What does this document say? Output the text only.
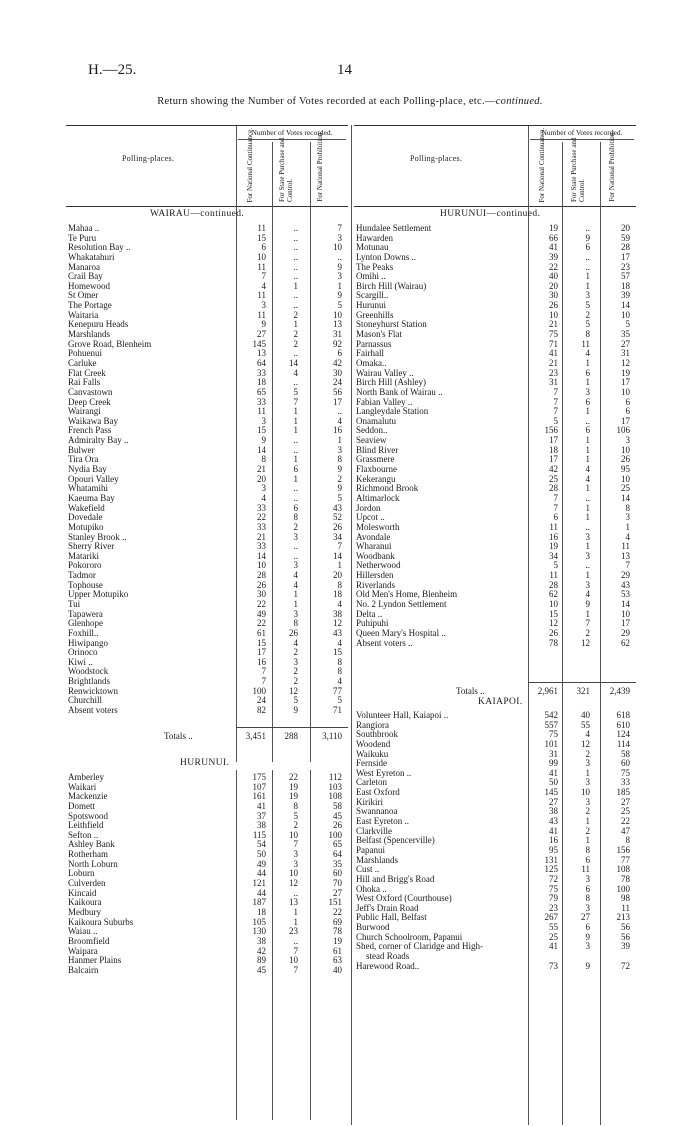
H.—25.	14
Return showing the Number of Votes recorded at each Polling-place, etc.—continued.
Polling-places.
Number of Votes recorded.
For National Continuance.	For State Purchase and Control.	For National Prohibition.	Polling-places.
Number of Votes recorded.
For National Continuance.	For State Purchase and Control.	For National Prohibition.
WAIRAU—continued.	HURUNUI—continued.
HURUNUI.
KAIAPOI.
Mahaa ..	11	..	7
Te Puru	15	..	3
Resolution Bay ..	6	..	10
Whakatahuri	10	..	..
Manaroa	11	..	9
Crail Bay	7	..	3
Homewood	4	1	1
St Omer	11	..	9
The Portage	3	..	5
Waitaria	11	2	10
Kenepuru Heads	9	1	13
Marshlands	27	2	31
Grove Road, Blenheim	145	2	92
Pohuenui	13	..	6
Carluke	64	14	42
Flat Creek	33	4	30
Rai Falls	18	..	24
Canvastown	65	5	56
Deep Creek	33	7	17
Wairangi	11	1	..
Waikawa Bay	3	1	4
French Pass	15	1	16
Admiralty Bay ..	9	..	1
Bulwer	14	..	3
Tira Ora	8	1	8
Nydia Bay	21	6	9
Opouri Valley	20	1	2
Whatamihi	3	..	9
Kaeuma Bay	4	..	5
Wakefield	33	6	43
Dovedale	22	8	52
Motupiko	33	2	26
Stanley Brook ..	21	3	34
Sherry River	33	..	7
Matariki	14	..	14
Pokororo	10	3	1
Tadmor	28	4	20
Tophouse	26	4	8
Upper Motupiko	30	1	18
Tui	22	1	4
Tapawera	49	3	38
Glenhope	22	8	12
Foxhill..	61	26	43
Hiwipango	15	4	4
Orinoco	17	2	15
Kiwi ..	16	3	8
Woodstock	7	2	8
Brightlands	7	2	4
Renwicktown	100	12	77
Churchill	24	5	5
Absent voters	82	9	71
Totals ..	3,451	288	3,110
Amberley	175	22	112
Waikari	107	19	103
Mackenzie	161	19	108
Domett	41	8	58
Spotswood	37	5	45
Leithfield	38	2	26
Sefton ..	115	10	100
Ashley Bank	54	7	65
Rotherham	50	3	64
North Loburn	49	3	35
Loburn	44	10	60
Culverden	121	12	70
Kincaid	44	..	27
Kaikoura	187	13	151
Medbury	18	1	22
Kaikoura Suburbs	105	1	69
Waiau ..	130	23	78
Broomfield	38	..	19
Waipara	42	7	61
Hanmer Plains	89	10	63
Balcairn	45	7	40
Hundalee Settlement	19	..	20
Hawarden	66	9	59
Motunau	41	6	28
Lynton Downs ..	39	..	17
The Peaks	22	..	23
Omihi ..	40	1	57
Birch Hill (Wairau)	20	1	18
Scargill..	30	3	39
Hurunui	26	5	14
Greenhills	10	2	10
Stoneyhurst Station	21	5	5
Mason's Flat	75	8	35
Parnassus	71	11	27
Fairhall	41	4	31
Omaka..	21	1	12
Wairau Valley ..	23	6	19
Birch Hill (Ashley)	31	1	17
North Bank of Wairau ..	7	3	10
Fabian Valley ..	7	6	6
Langleydale Station	7	1	6
Onamalutu	5	..	17
Seddon..	156	6	106
Seaview	17	1	3
Blind River	18	1	10
Grassmere	17	1	26
Flaxbourne	42	4	95
Kekerangu	25	4	10
Richmond Brook	28	1	25
Altimarlock	7	..	14
Jordon	7	1	8
Upcot ..	6	1	3
Molesworth	11	..	1
Avondale	16	3	4
Wharanui	19	1	11
Woodbank	34	3	13
Netherwood	5	..	7
Hillersden	11	1	29
Riverlands	28	3	43
Old Men's Home, Blenheim	62	4	53
No. 2 Lyndon Settlement	10	9	14
Delta ..	15	1	10
Puhipuhi	12	7	17
Queen Mary's Hospital ..	26	2	29
Absent voters ..	78	12	62
Totals ..	2,961	321	2,439
Volunteer Hall, Kaiapoi ..	542	40	618
Rangiora	557	55	610
Southbrook	75	4	124
Woodend	101	12	114
Waikuku	31	2	58
Fernside	99	3	60
West Eyreton ..	41	1	75
Carleton	50	3	33
East Oxford	145	10	185
Kirikiri	27	3	27
Swannanoa	38	2	25
East Eyreton ..	43	1	22
Clarkville	41	2	47
Belfast (Spencerville)	16	1	8
Papanui	95	8	156
Marshlands	131	6	77
Cust ..	125	11	108
Hill and Brigg's Road	72	3	78
Ohoka ..	75	6	100
West Oxford (Courthouse)	79	8	98
Jeff's Drain Road	23	3	11
Public Hall, Belfast	267	27	213
Burwood	55	6	56
Church Schoolroom, Papanui	25	9	56
Shed, corner of Claridge and High-	41	3	39
stead Roads
Harewood Road..	73	9	72
